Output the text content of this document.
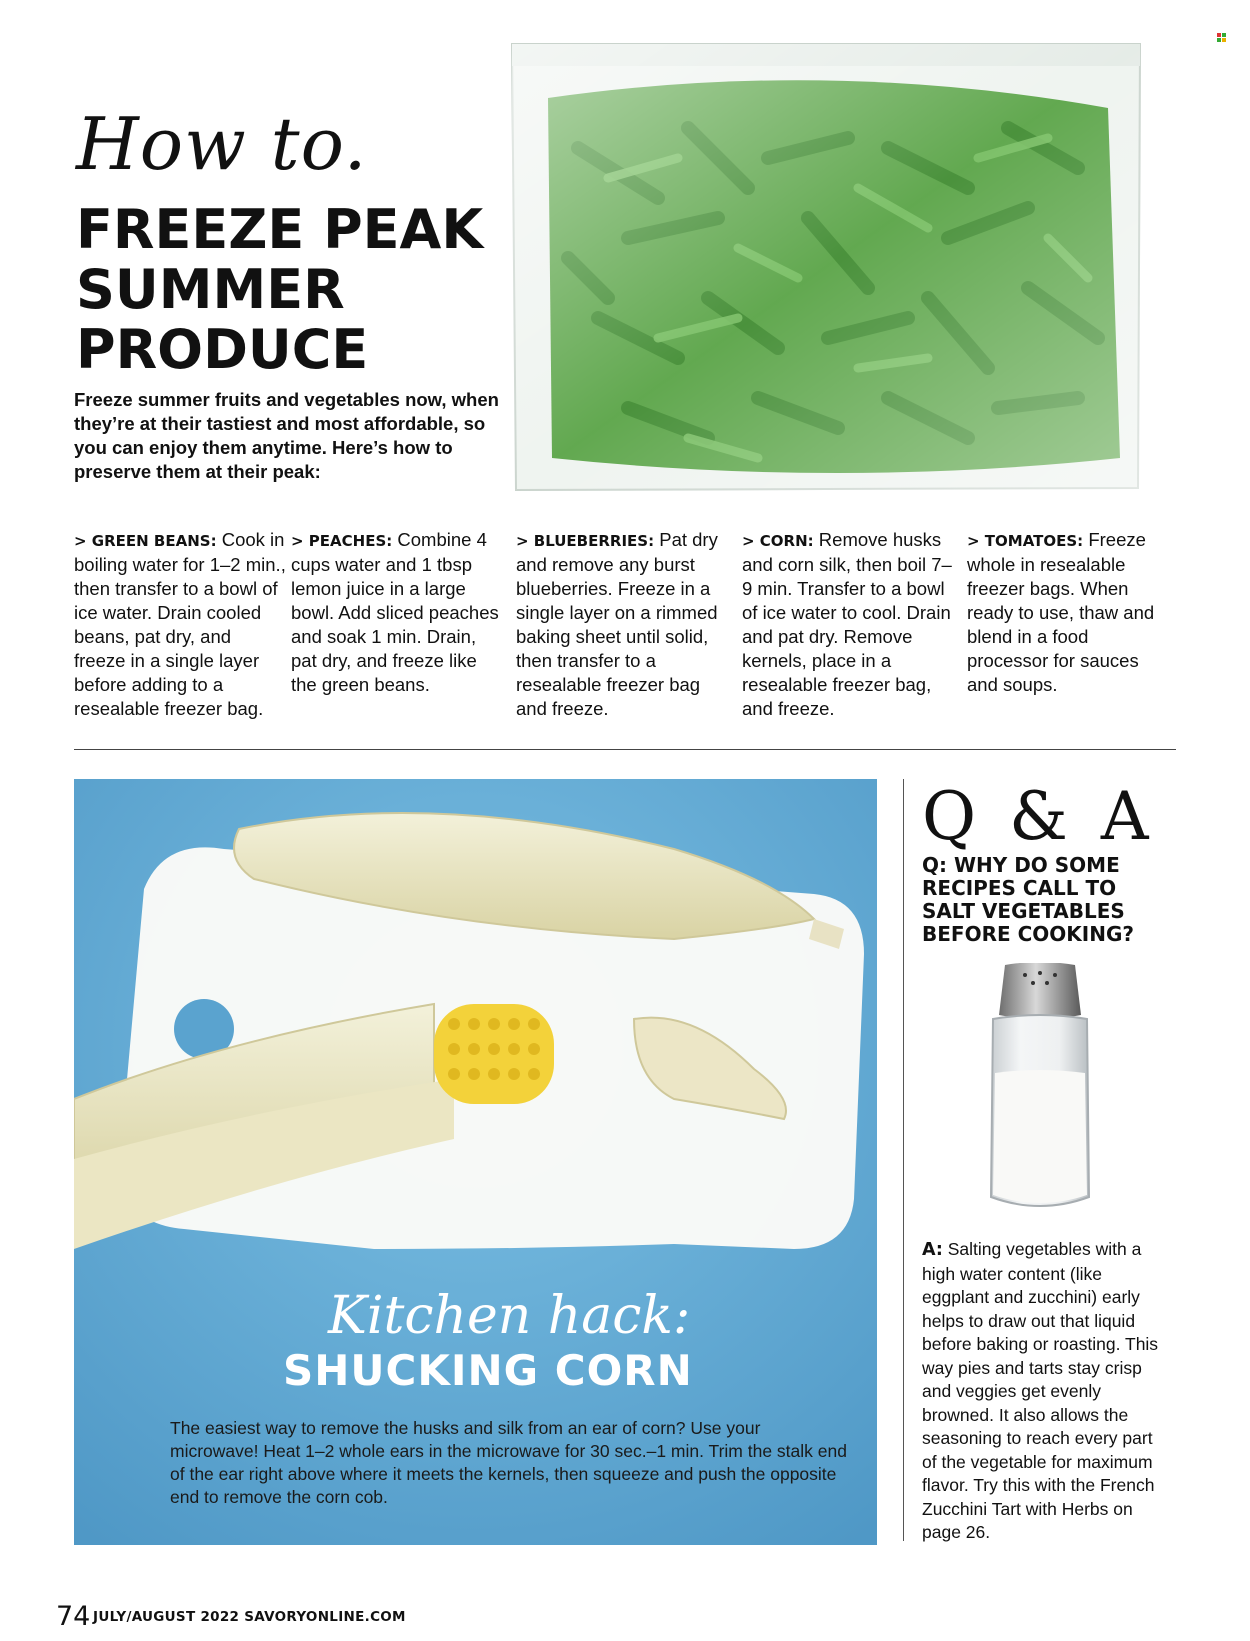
How to.
FREEZE PEAK
SUMMER
PRODUCE
Freeze summer fruits and vegetables now, when they’re at their tastiest and most affordable, so you can enjoy them anytime. Here’s how to preserve them at their peak:
> GREEN BEANS: Cook in boiling water for 1–2 min., then transfer to a bowl of ice water. Drain cooled beans, pat dry, and freeze in a single layer before adding to a resealable freezer bag.
> PEACHES: Combine 4 cups water and 1 tbsp lemon juice in a large bowl. Add sliced peaches and soak 1 min. Drain, pat dry, and freeze like the green beans.
> BLUEBERRIES: Pat dry and remove any burst blueberries. Freeze in a single layer on a rimmed baking sheet until solid, then transfer to a resealable freezer bag and freeze.
> CORN: Remove husks and corn silk, then boil 7–9 min. Transfer to a bowl of ice water to cool. Drain and pat dry. Remove kernels, place in a resealable freezer bag, and freeze.
> TOMATOES: Freeze whole in resealable freezer bags. When ready to use, thaw and blend in a food processor for sauces and soups.
Kitchen hack:
SHUCKING CORN
The easiest way to remove the husks and silk from an ear of corn? Use your microwave! Heat 1–2 whole ears in the microwave for 30 sec.–1 min. Trim the stalk end of the ear right above where it meets the kernels, then squeeze and push the opposite end to remove the corn cob.
Q & A
Q: WHY DO SOME RECIPES CALL TO SALT VEGETABLES BEFORE COOKING?
A: Salting vegetables with a high water content (like eggplant and zucchini) early helps to draw out that liquid before baking or roasting. This way pies and tarts stay crisp and veggies get evenly browned. It also allows the seasoning to reach every part of the vegetable for maximum flavor. Try this with the French Zucchini Tart with Herbs on page 26.
74 JULY/AUGUST 2022 SAVORYONLINE.COM
